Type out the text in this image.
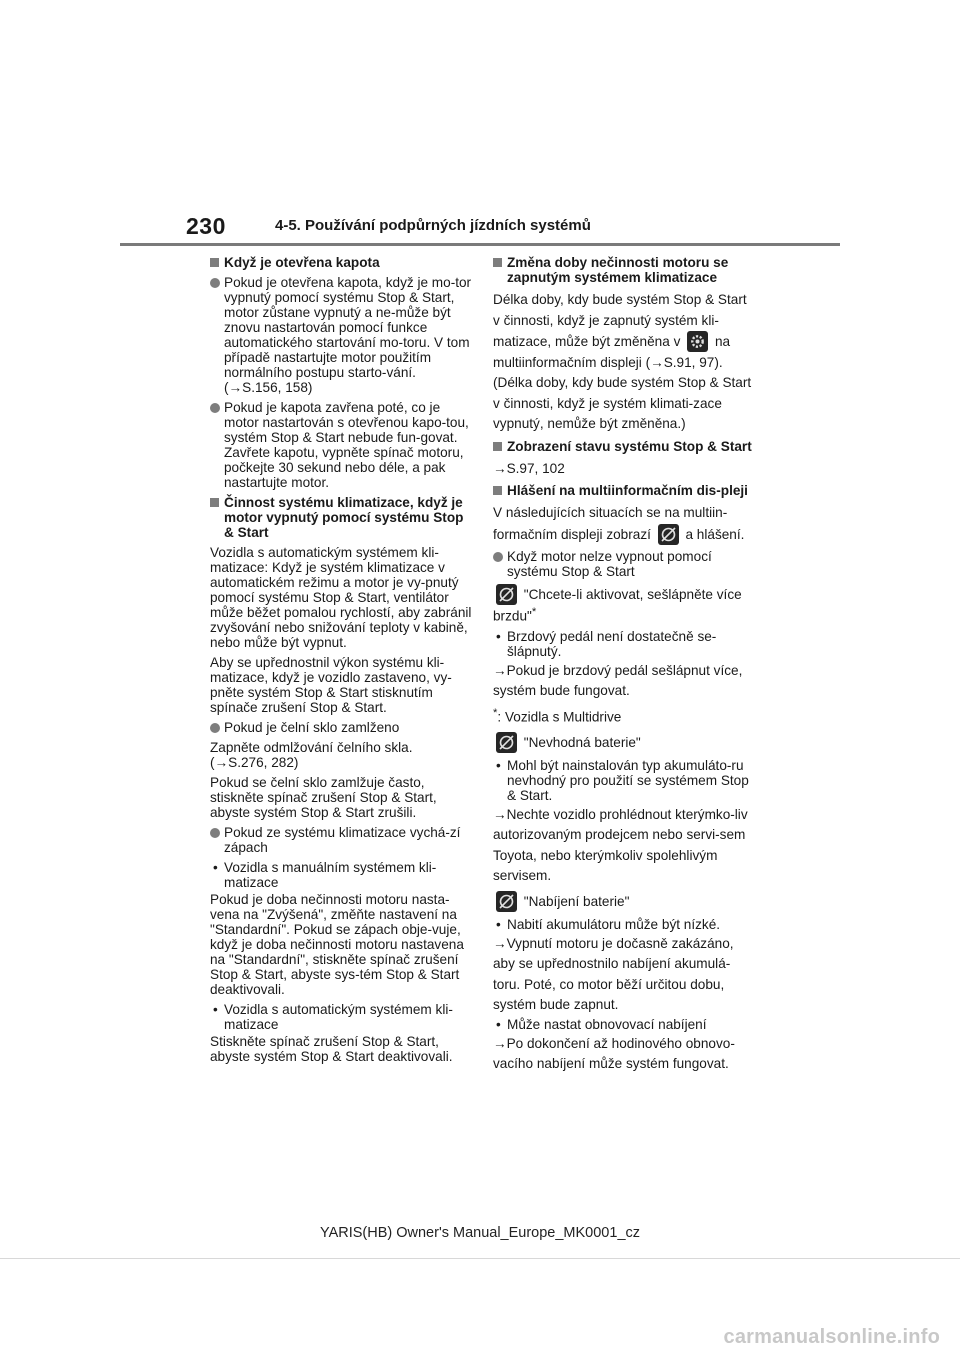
230	4-5. Používání podpůrných jízdních systémů
Když je otevřena kapota
Pokud je otevřena kapota, když je mo-tor vypnutý pomocí systému Stop & Start, motor zůstane vypnutý a ne-může být znovu nastartován pomocí funkce automatického startování mo-toru. V tom případě nastartujte motor použitím normálního postupu starto-vání. (→S.156, 158)
Pokud je kapota zavřena poté, co je motor nastartován s otevřenou kapo-tou, systém Stop & Start nebude fun-govat. Zavřete kapotu, vypněte spínač motoru, počkejte 30 sekund nebo déle, a pak nastartujte motor.
Činnost systému klimatizace, když je motor vypnutý pomocí systému Stop & Start
Vozidla s automatickým systémem kli-matizace: Když je systém klimatizace v automatickém režimu a motor je vy-pnutý pomocí systému Stop & Start, ventilátor může běžet pomalou rychlostí, aby zabránil zvyšování nebo snižování teploty v kabině, nebo může být vypnut.
Aby se upřednostnil výkon systému kli-matizace, když je vozidlo zastaveno, vy-pněte systém Stop & Start stisknutím spínače zrušení Stop & Start.
Pokud je čelní sklo zamlženo
Zapněte odmlžování čelního skla. (→S.276, 282)
Pokud se čelní sklo zamlžuje často, stiskněte spínač zrušení Stop & Start, abyste systém Stop & Start zrušili.
Pokud ze systému klimatizace vychá-zí zápach
• Vozidla s manuálním systémem kli-matizace
Pokud je doba nečinnosti motoru nasta-vena na "Zvýšená", změňte nastavení na "Standardní". Pokud se zápach obje-vuje, když je doba nečinnosti motoru nastavena na "Standardní", stiskněte spínač zrušení Stop & Start, abyste sys-tém Stop & Start deaktivovali.
• Vozidla s automatickým systémem kli-matizace
Stiskněte spínač zrušení Stop & Start, abyste systém Stop & Start deaktivovali.
Změna doby nečinnosti motoru se zapnutým systémem klimatizace
Délka doby, kdy bude systém Stop & Start v činnosti, když je zapnutý systém kli-matizace, může být změněna v	na multiinformačním displeji (→S.91, 97). (Délka doby, kdy bude systém Stop & Start v činnosti, když je systém klimati-zace vypnutý, nemůže být změněna.)
Zobrazení stavu systému Stop & Start
→S.97, 102
Hlášení na multiinformačním dis-pleji
V následujících situacích se na multiin-formačním displeji zobrazí	a hlášení.
Když motor nelze vypnout pomocí systému Stop & Start
"Chcete-li aktivovat, sešlápněte více brzdu"*
• Brzdový pedál není dostatečně se-šlápnutý.
→Pokud je brzdový pedál sešlápnut více, systém bude fungovat.
*: Vozidla s Multidrive
"Nevhodná baterie"
• Mohl být nainstalován typ akumuláto-ru nevhodný pro použití se systémem Stop & Start.
→Nechte vozidlo prohlédnout kterýmko-liv autorizovaným prodejcem nebo servi-sem Toyota, nebo kterýmkoliv spolehlivým servisem.
"Nabíjení baterie"
• Nabití akumulátoru může být nízké.
→Vypnutí motoru je dočasně zakázáno, aby se upřednostnilo nabíjení akumulá-toru. Poté, co motor běží určitou dobu, systém bude zapnut.
• Může nastat obnovovací nabíjení
→Po dokončení až hodinového obnovo-vacího nabíjení může systém fungovat.
YARIS(HB) Owner's Manual_Europe_MK0001_cz
carmanualsonline.info
